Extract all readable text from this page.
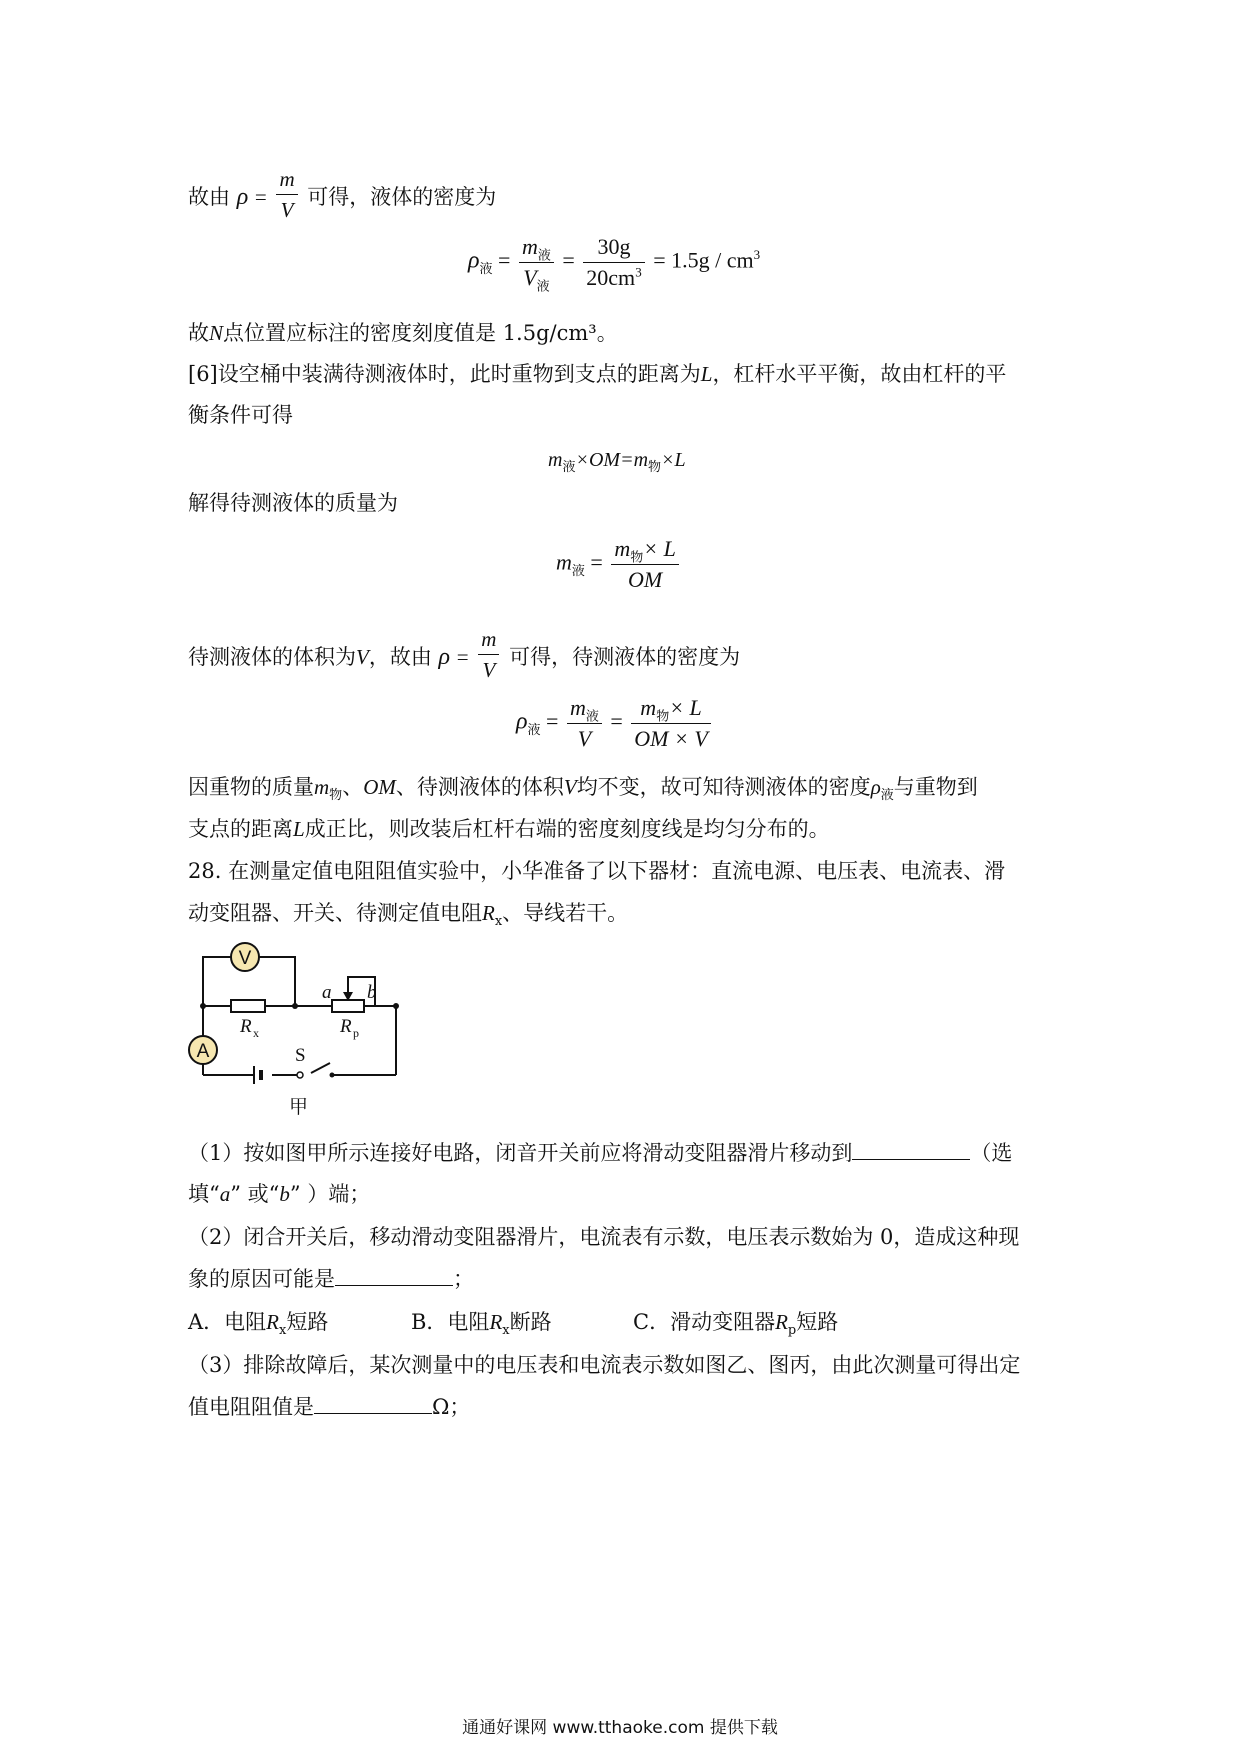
故由 $\rho = \frac{m}{V}$ 可得，液体的密度为
$\rho_液 = \frac{m_液}{V_液} = \frac{30g}{20cm^3} = 1.5g / cm^3$
故N点位置应标注的密度刻度值是 1.5g/cm³。
[6]设空桶中装满待测液体时，此时重物到支点的距离为L，杠杆水平平衡，故由杠杆的平
衡条件可得
$m_液\times OM=m_物\times L$
解得待测液体的质量为
$m_液 = \frac{m_物\times L}{OM}$
待测液体的体积为V，故由 $\rho = \frac{m}{V}$ 可得，待测液体的密度为
$\rho_液 = \frac{m_液}{V} = \frac{m_物\times L}{OM \times V}$
因重物的质量$m_物$、OM、待测液体的体积V均不变，故可知待测液体的密度$\rho_液$与重物到
支点的距离L成正比，则改装后杠杆右端的密度刻度线是均匀分布的。
28. 在测量定值电阻阻值实验中，小华准备了以下器材：直流电源、电压表、电流表、滑
动变阻器、开关、待测定值电阻$R_x$、导线若干。
V
A
a b
R x	R p
S
甲
（1）按如图甲所示连接好电路，闭音开关前应将滑动变阻器滑片移动到	（选
填“a” 或“b” ）端；
（2）闭合开关后，移动滑动变阻器滑片，电流表有示数，电压表示数始为 0，造成这种现
象的原因可能是	；
A．电阻$R_x$短路	B．电阻$R_x$断路	C．滑动变阻器$R_p$短路
（3）排除故障后，某次测量中的电压表和电流表示数如图乙、图丙，由此次测量可得出定
值电阻阻值是	Ω；
通通好课网 www.tthaoke.com 提供下载
